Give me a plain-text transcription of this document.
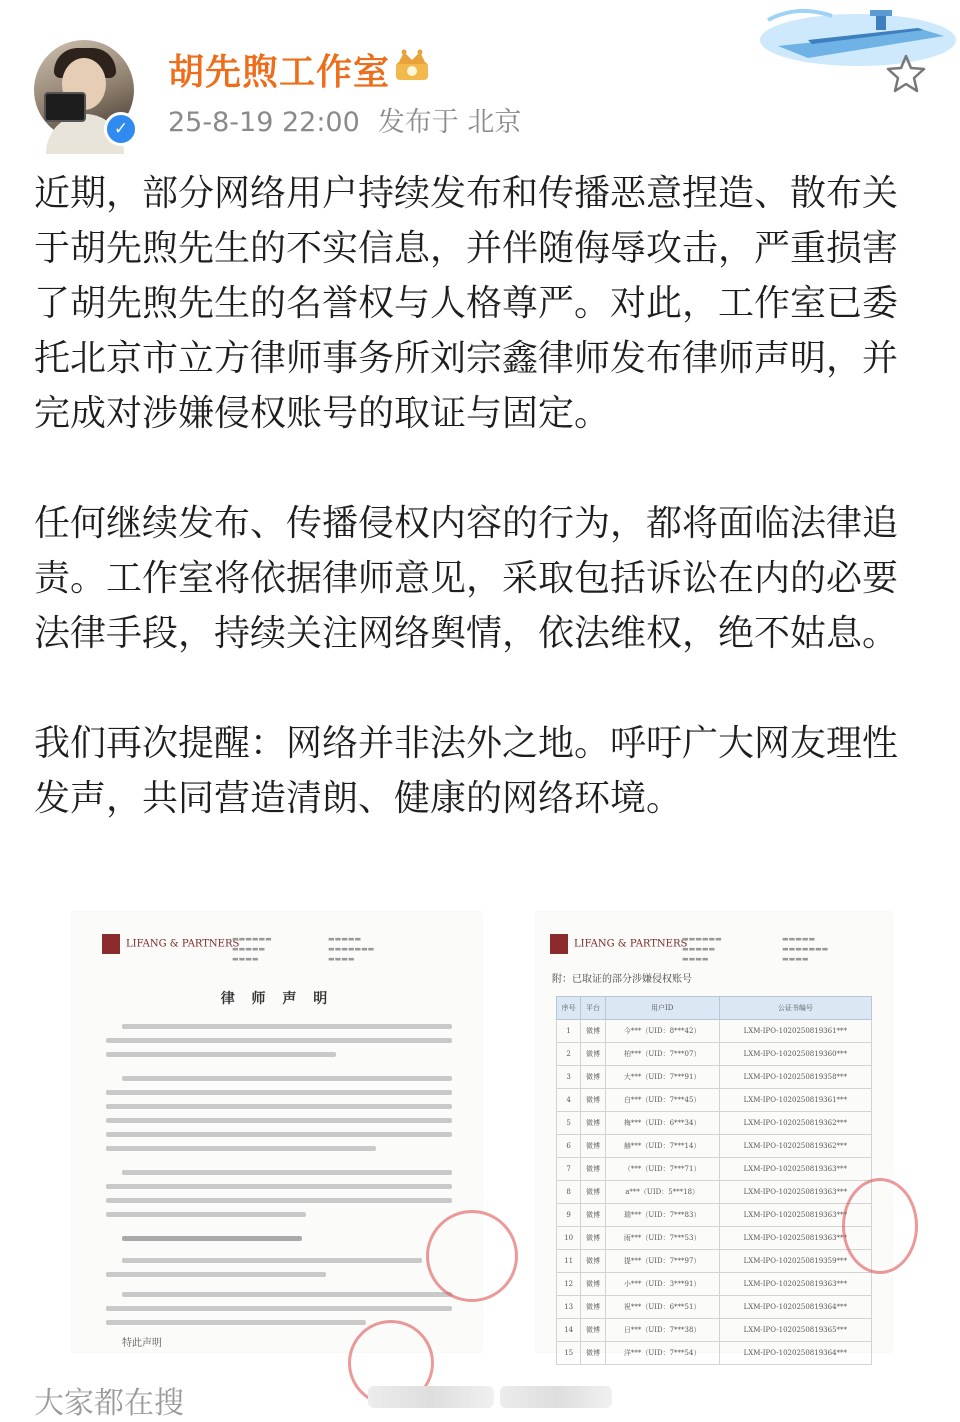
✓
胡先煦工作室
25-8-19 22:00 发布于 北京

近期，部分网络用户持续发布和传播恶意捏造、散布关于胡先煦先生的不实信息，并伴随侮辱攻击，严重损害了胡先煦先生的名誉权与人格尊严。对此，工作室已委托北京市立方律师事务所刘宗鑫律师发布律师声明，并完成对涉嫌侵权账号的取证与固定。

任何继续发布、传播侵权内容的行为，都将面临法律追责。工作室将依据律师意见，采取包括诉讼在内的必要法律手段，持续关注网络舆情，依法维权，绝不姑息。

我们再次提醒：网络并非法外之地。呼吁广大网友理性发声，共同营造清朗、健康的网络环境。

LIFANG & PARTNERS
▬▬▬▬▬▬
▬▬▬▬▬
▬▬▬▬
▬▬▬▬▬
▬▬▬▬▬▬▬
▬▬▬▬
律 师 声 明
特此声明
LIFANG & PARTNERS
▬▬▬▬▬▬
▬▬▬▬▬
▬▬▬▬
▬▬▬▬▬
▬▬▬▬▬▬▬
▬▬▬▬
附：已取证的部分涉嫌侵权账号
序号	平台	用户ID	公证书编号
1	微博	今***（UID：8***42）	LXM-IPO-1020250819361***
2	微博	柏***（UID：7***07）	LXM-IPO-1020250819360***
3	微博	大***（UID：7***91）	LXM-IPO-1020250819358***
4	微博	白***（UID：7***45）	LXM-IPO-1020250819361***
5	微博	梅***（UID：6***34）	LXM-IPO-1020250819362***
6	微博	赫***（UID：7***14）	LXM-IPO-1020250819362***
7	微博	（***（UID：7***71）	LXM-IPO-1020250819363***
8	微博	a***（UID：5***18）	LXM-IPO-1020250819363***
9	微博	瑞***（UID：7***83）	LXM-IPO-1020250819363***
10	微博	雨***（UID：7***53）	LXM-IPO-1020250819363***
11	微博	提***（UID：7***97）	LXM-IPO-1020250819359***
12	微博	小***（UID：3***91）	LXM-IPO-1020250819363***
13	微博	祝***（UID：6***51）	LXM-IPO-1020250819364***
14	微博	日***（UID：7***38）	LXM-IPO-1020250819365***
15	微博	洋***（UID：7***54）	LXM-IPO-1020250819364***
大家都在搜
